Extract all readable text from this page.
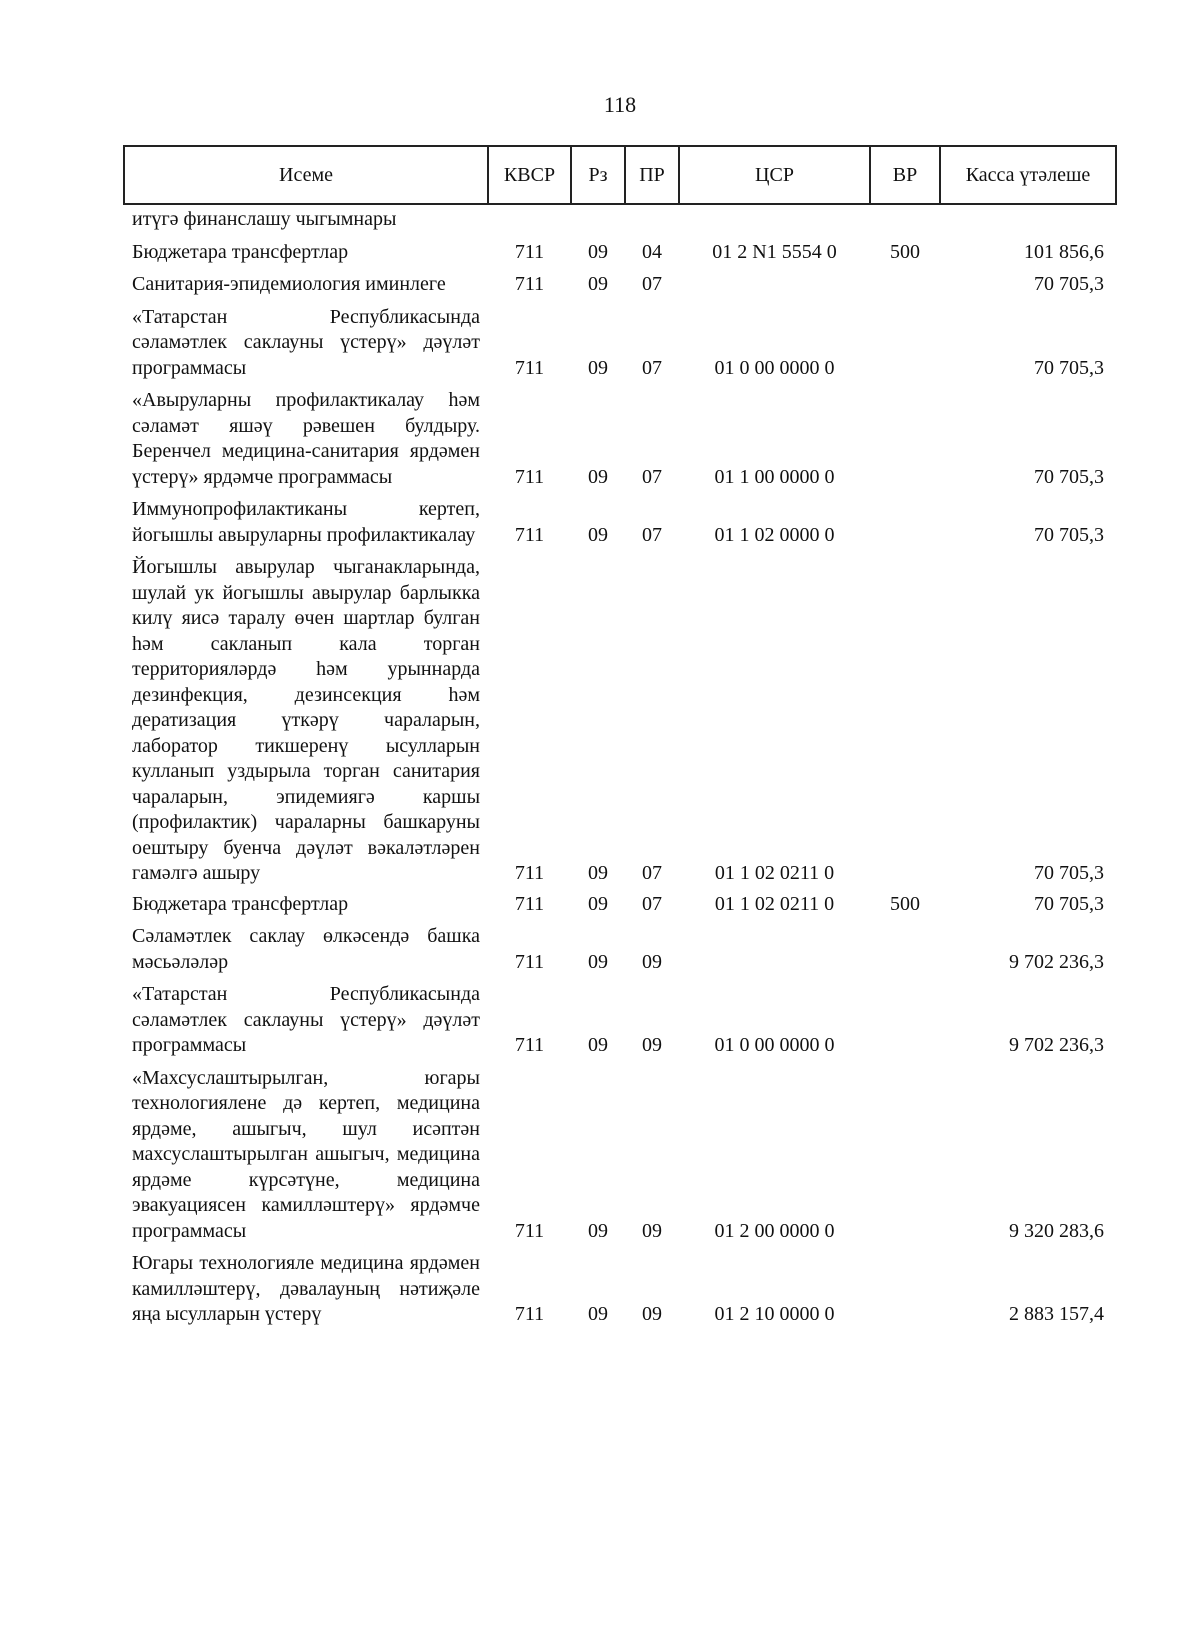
118
Исеме	КВСР	Рз	ПР	ЦСР	ВР	Касса үтәлеше
итүгә финанслашу чыгымнары						
Бюджетара трансфертлар	711	09	04	01 2 N1 5554 0	500	101 856,6
Санитария-эпидемиология иминлеге	711	09	07			70 705,3
«Татарстан Республикасында сәламәтлек саклауны үстерү» дәүләт программасы	711	09	07	01 0 00 0000 0		70 705,3
«Авыруларны профилактикалау һәм сәламәт яшәү рәвешен булдыру. Беренчел медицина-санитария ярдәмен үстерү» ярдәмче программасы	711	09	07	01 1 00 0000 0		70 705,3
Иммунопрофилактиканы кертеп, йогышлы авыруларны профилактикалау	711	09	07	01 1 02 0000 0		70 705,3
Йогышлы авырулар чыганакларында, шулай ук йогышлы авырулар барлыкка килү яисә таралу өчен шартлар булган һәм сакланып кала торган территорияләрдә һәм урыннарда дезинфекция, дезинсекция һәм дератизация үткәрү чараларын, лаборатор тикшеренү ысулларын кулланып уздырыла торган санитария чараларын, эпидемиягә каршы (профилактик) чараларны башкаруны оештыру буенча дәүләт вәкаләтләрен гамәлгә ашыру	711	09	07	01 1 02 0211 0		70 705,3
Бюджетара трансфертлар	711	09	07	01 1 02 0211 0	500	70 705,3
Сәламәтлек саклау өлкәсендә башка мәсьәләләр	711	09	09			9 702 236,3
«Татарстан Республикасында сәламәтлек саклауны үстерү» дәүләт программасы	711	09	09	01 0 00 0000 0		9 702 236,3
«Махсуслаштырылган, югары технологиялене дә кертеп, медицина ярдәме, ашыгыч, шул исәптән махсуслаштырылган ашыгыч, медицина ярдәме күрсәтүне, медицина эвакуациясен камилләштерү» ярдәмче программасы	711	09	09	01 2 00 0000 0		9 320 283,6
Югары технологияле медицина ярдәмен камилләштерү, дәвалауның нәтиҗәле яңа ысулларын үстерү	711	09	09	01 2 10 0000 0		2 883 157,4
